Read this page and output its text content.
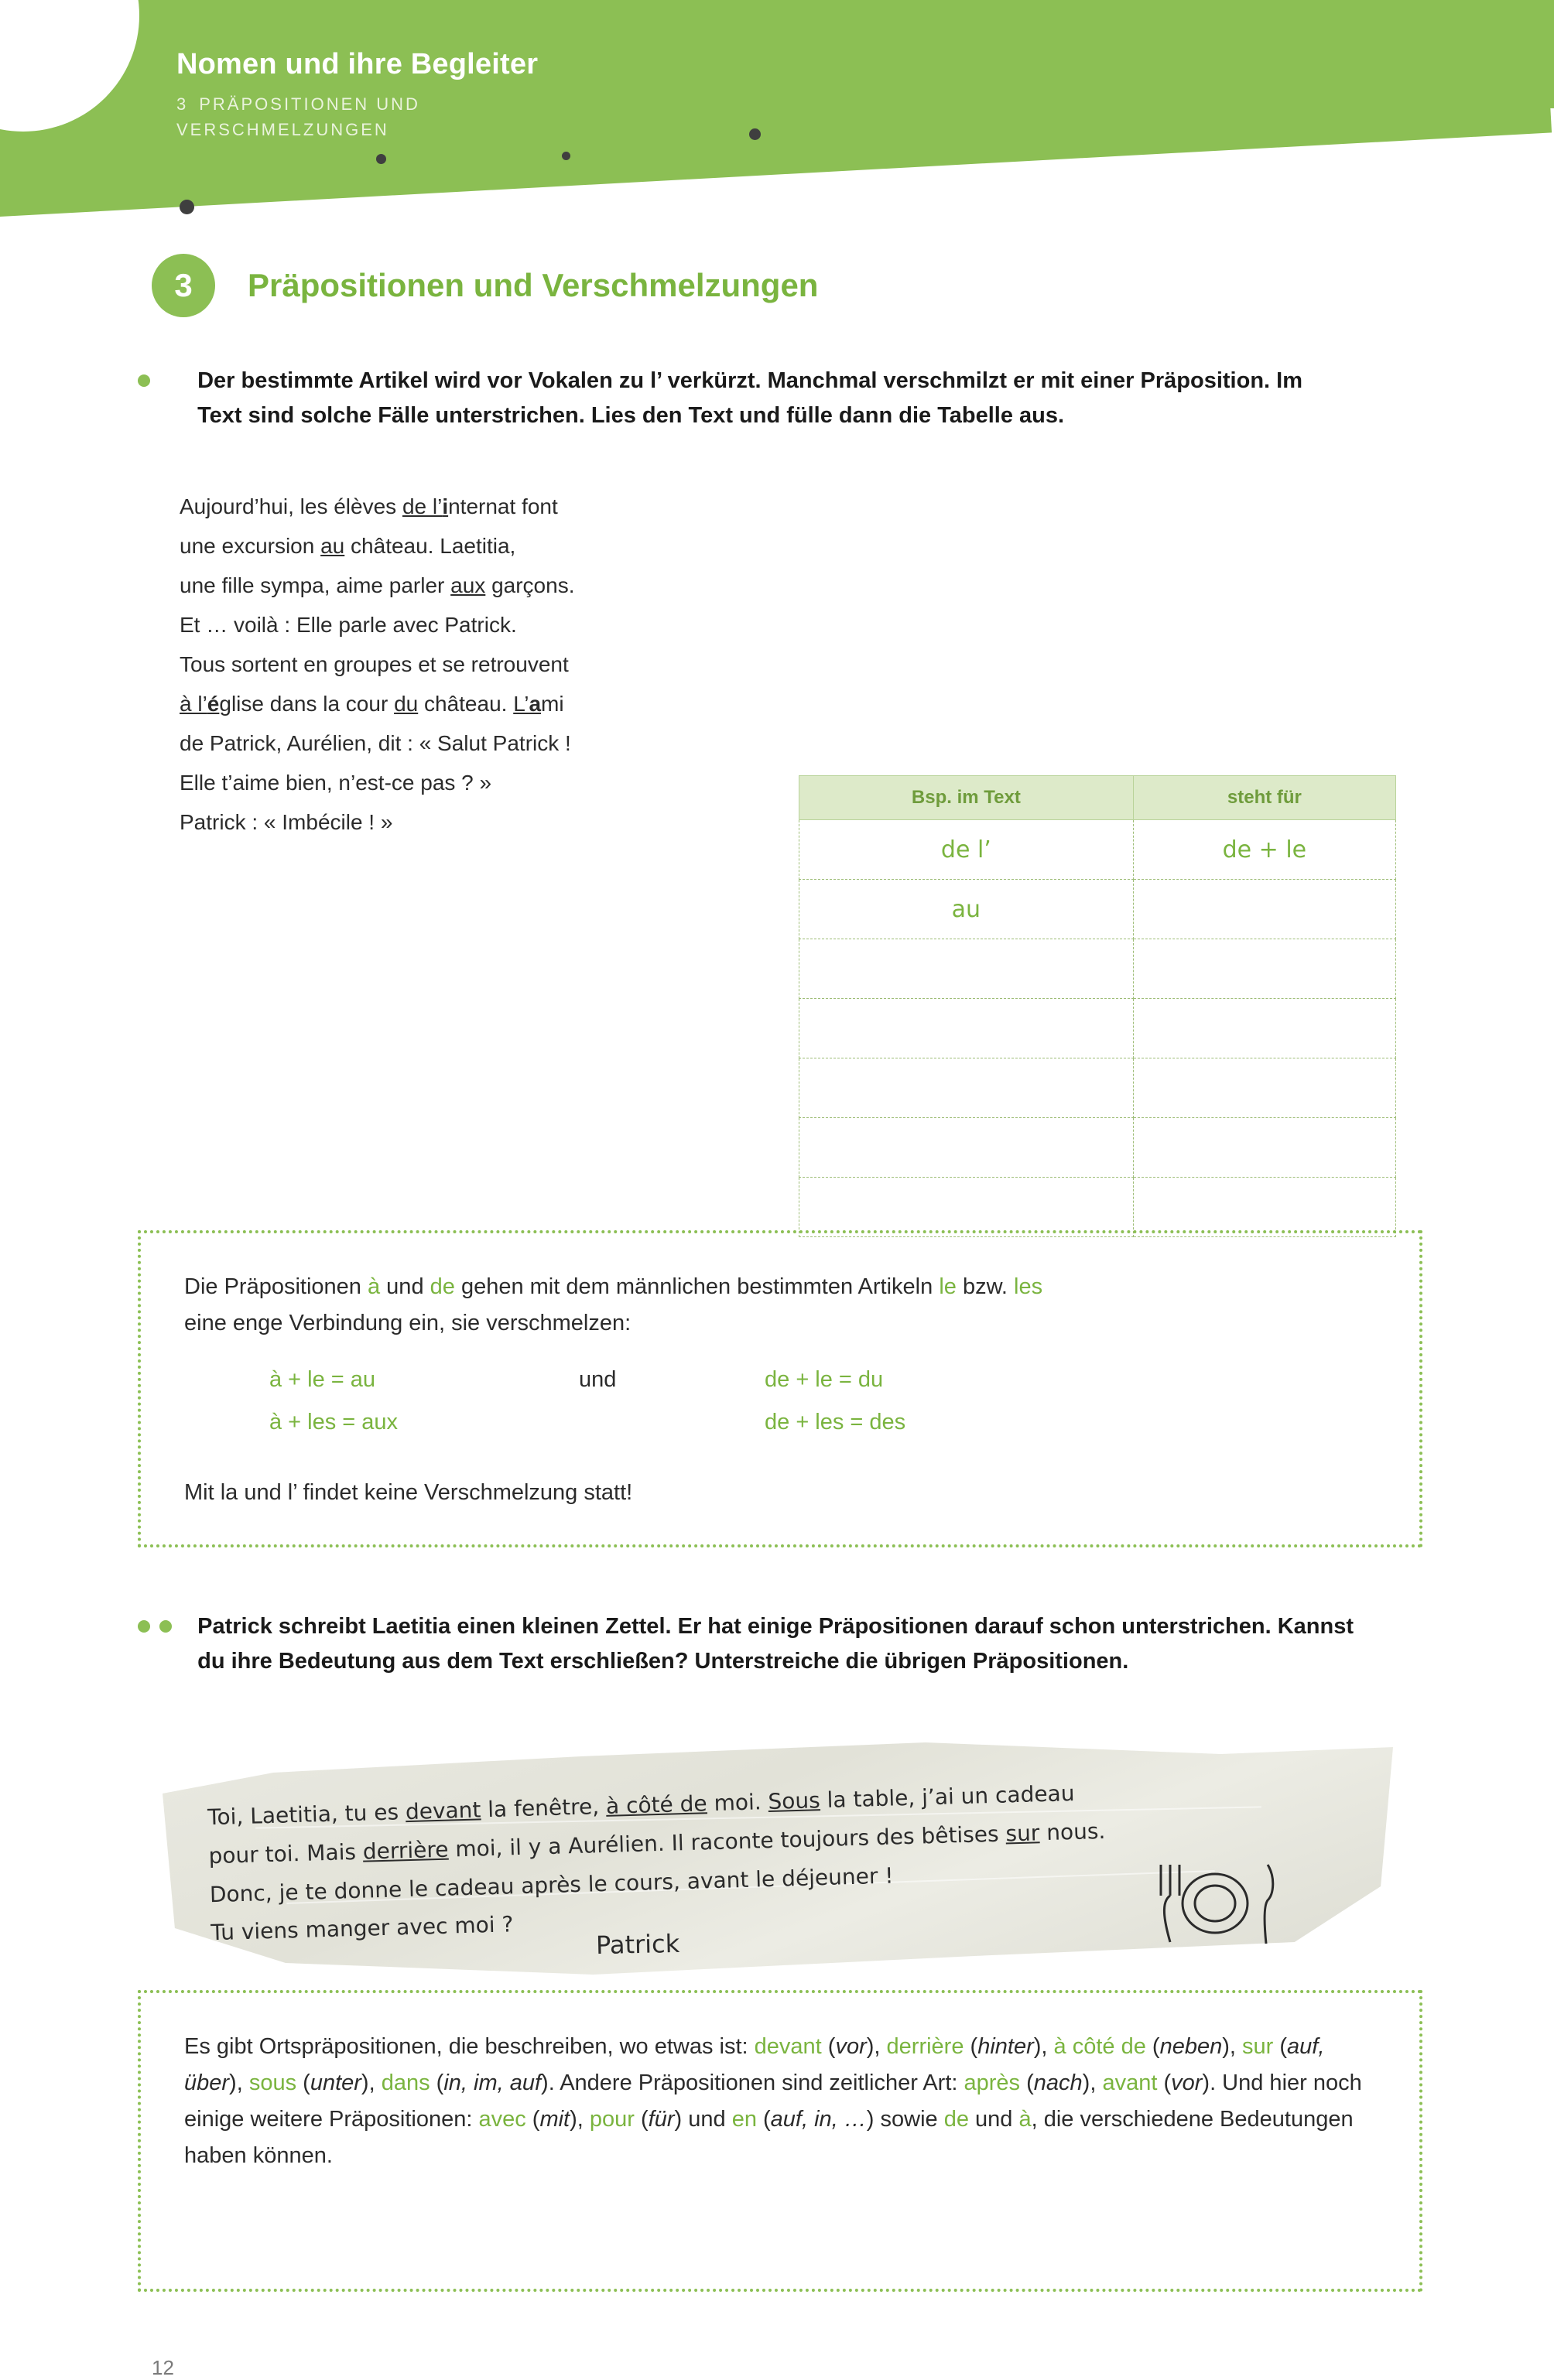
Nomen und ihre Begleiter
3 PRÄPOSITIONEN UND VERSCHMELZUNGEN
3	Präpositionen und Verschmelzungen
Der bestimmte Artikel wird vor Vokalen zu l’ verkürzt. Manchmal verschmilzt er mit einer Präposition. Im Text sind solche Fälle unterstrichen. Lies den Text und fülle dann die Tabelle aus.
Aujourd’hui, les élèves de l’internat font
une excursion au château. Laetitia,
une fille sympa, aime parler aux garçons.
Et … voilà : Elle parle avec Patrick.
Tous sortent en groupes et se retrouvent
à l’église dans la cour du château. L’ami
de Patrick, Aurélien, dit : « Salut Patrick !
Elle t’aime bien, n’est-ce pas ? »
Patrick : « Imbécile ! »
Bsp. im Text	steht für
de l’	de + le
au	

Die Präpositionen à und de gehen mit dem männlichen bestimmten Artikeln le bzw. les
eine enge Verbindung ein, sie verschmelzen:
à + le = au	und	de + le = du
à + les = aux	de + les = des
Mit la und l’ findet keine Verschmelzung statt!
Patrick schreibt Laetitia einen kleinen Zettel. Er hat einige Präpositionen darauf schon unterstrichen. Kannst du ihre Bedeutung aus dem Text erschließen? Unterstreiche die übrigen Präpositionen.
Toi, Laetitia, tu es devant la fenêtre, à côté de moi. Sous la table, j’ai un cadeau
pour toi. Mais derrière moi, il y a Aurélien. Il raconte toujours des bêtises sur nous.
Donc, je te donne le cadeau après le cours, avant le déjeuner !
Tu viens manger avec moi ?	Patrick
Es gibt Ortspräpositionen, die beschreiben, wo etwas ist: devant (vor), derrière (hinter), à côté de (neben), sur (auf, über), sous (unter), dans (in, im, auf). Andere Präpositionen sind zeitlicher Art: après (nach), avant (vor). Und hier noch einige weitere Präpositionen: avec (mit), pour (für) und en (auf, in, …) sowie de und à, die verschiedene Bedeutungen haben können.
12
